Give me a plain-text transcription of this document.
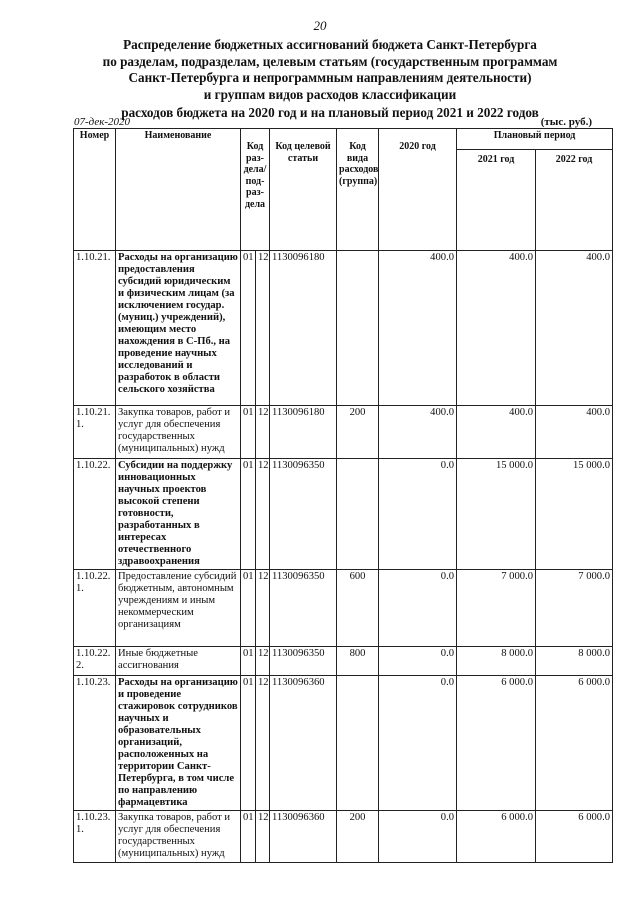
20
Распределение бюджетных ассигнований бюджета Санкт-Петербурга
по разделам, подразделам, целевым статьям (государственным программам
Санкт-Петербурга и непрограммным направлениям деятельности)
и группам видов расходов классификации
расходов бюджета на 2020 год и на плановый период 2021 и 2022 годов
07-дек-2020	(тыс. руб.)
Номер	Наименование	Код раз-дела/ под-раз-дела		Код целевой статьи	Код вида расходов (группа)	2020 год	Плановый период	
							2021 год	2022 год
1.10.21.	Расходы на организацию предоставления субсидий юридическим и физическим лицам (за исключением государ. (муниц.) учреждений), имеющим место нахождения в С-Пб., на проведение научных исследований и разработок в области сельского хозяйства	01	12	1130096180		400.0	400.0	400.0
1.10.21. 1.	Закупка товаров, работ и услуг для обеспечения государственных (муниципальных) нужд	01	12	1130096180	200	400.0	400.0	400.0
1.10.22.	Субсидии на поддержку инновационных научных проектов высокой степени готовности, разработанных в интересах отечественного здравоохранения	01	12	1130096350		0.0	15 000.0	15 000.0
1.10.22. 1.	Предоставление субсидий бюджетным, автономным учреждениям и иным некоммерческим организациям	01	12	1130096350	600	0.0	7 000.0	7 000.0
1.10.22. 2.	Иные бюджетные ассигнования	01	12	1130096350	800	0.0	8 000.0	8 000.0
1.10.23.	Расходы на организацию и проведение стажировок сотрудников научных и образовательных организаций, расположенных на территории Санкт-Петербурга, в том числе по направлению фармацевтика	01	12	1130096360		0.0	6 000.0	6 000.0
1.10.23. 1.	Закупка товаров, работ и услуг для обеспечения государственных (муниципальных) нужд	01	12	1130096360	200	0.0	6 000.0	6 000.0
